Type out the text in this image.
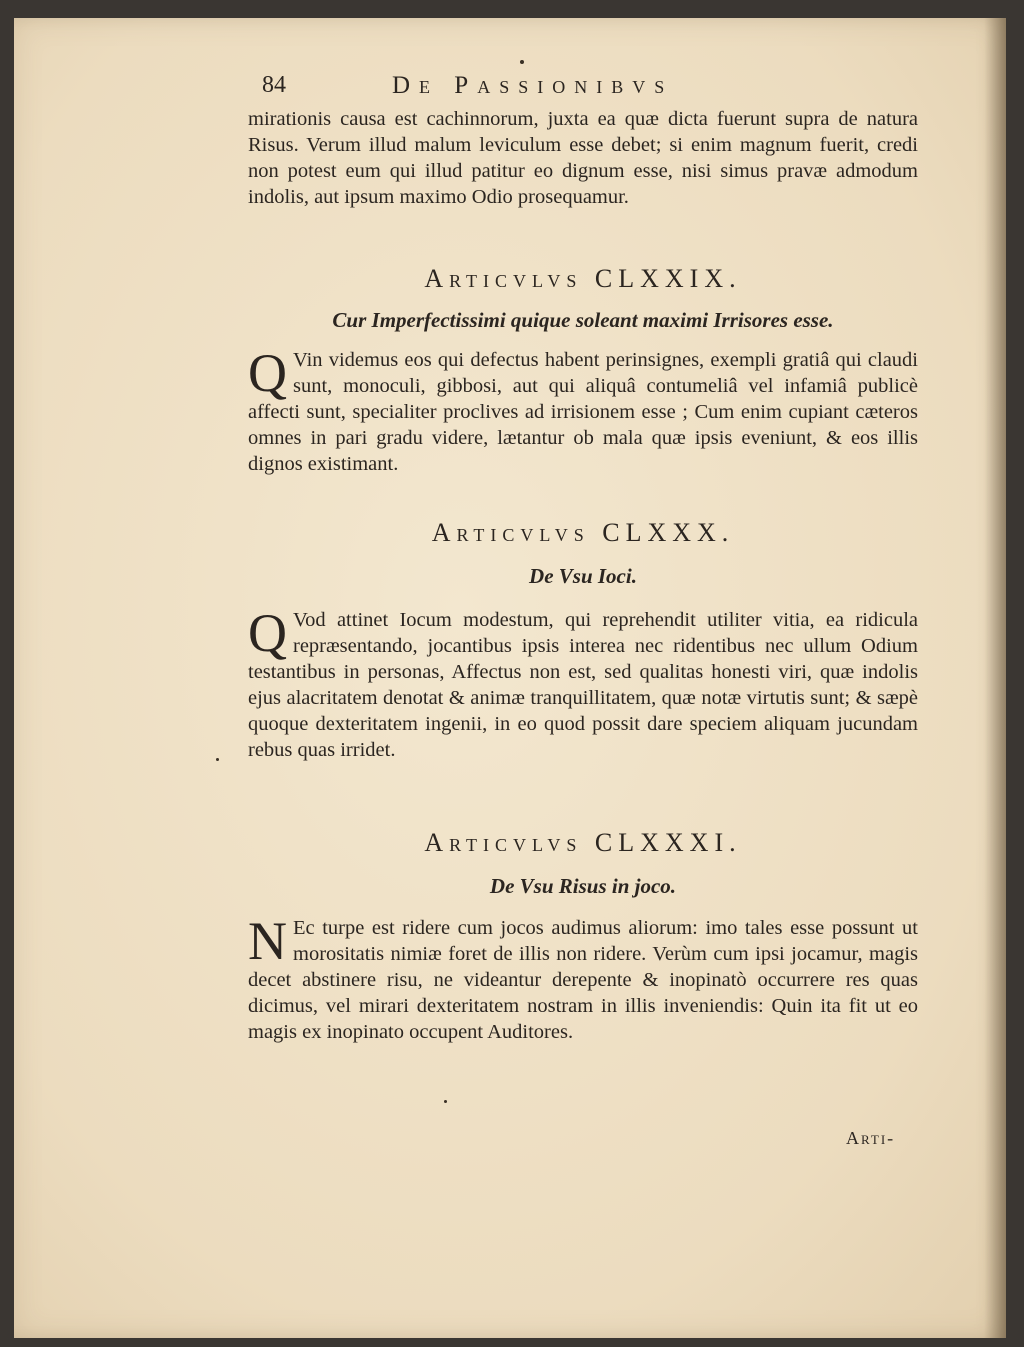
84	De Passionibvs

mirationis causa est cachinnorum, juxta ea quæ dicta fuerunt supra de natura Risus. Verum illud malum leviculum esse debet; si enim magnum fuerit, credi non potest eum qui illud patitur eo dignum esse, nisi simus pravæ admodum indolis, aut ipsum maximo Odio prosequamur.

Articvlvs CLXXIX.

Cur Imperfectissimi quique soleant maximi Irrisores esse.

Q Vin videmus eos qui defectus habent perinsignes, exempli gratiâ qui claudi sunt, monoculi, gibbosi, aut qui aliquâ contumeliâ vel infamiâ publicè affecti sunt, specialiter proclives ad irrisionem esse ; Cum enim cupiant cæteros omnes in pari gradu videre, lætantur ob mala quæ ipsis eveniunt, & eos illis dignos existimant.

Articvlvs CLXXX.

De Vsu Ioci.

Q Vod attinet Iocum modestum, qui reprehendit utiliter vitia, ea ridicula repræsentando, jocantibus ipsis interea nec ridentibus nec ullum Odium testantibus in personas, Affectus non est, sed qualitas honesti viri, quæ indolis ejus alacritatem denotat & animæ tranquillitatem, quæ notæ virtutis sunt; & sæpè quoque dexteritatem ingenii, in eo quod possit dare speciem aliquam jucundam rebus quas irridet.

Articvlvs CLXXXI.

De Vsu Risus in joco.

N Ec turpe est ridere cum jocos audimus aliorum: imo tales esse possunt ut morositatis nimiæ foret de illis non ridere. Verùm cum ipsi jocamur, magis decet abstinere risu, ne videantur derepente & inopinatò occurrere res quas dicimus, vel mirari dexteritatem nostram in illis inveniendis: Quin ita fit ut eo magis ex inopinato occupent Auditores.

Arti-
